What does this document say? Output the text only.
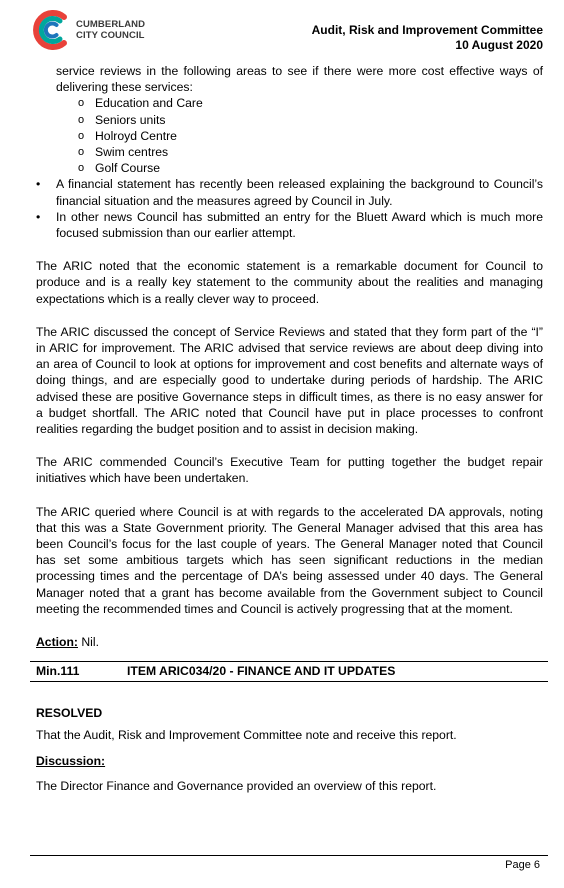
CUMBERLAND
CITY COUNCIL	Audit, Risk and Improvement Committee
10 August 2020
service reviews in the following areas to see if there were more cost effective ways of delivering these services:
o Education and Care
o Seniors units
o Holroyd Centre
o Swim centres
o Golf Course
• A financial statement has recently been released explaining the background to Council’s financial situation and the measures agreed by Council in July.
• In other news Council has submitted an entry for the Bluett Award which is much more focused submission than our earlier attempt.

The ARIC noted that the economic statement is a remarkable document for Council to produce and is a really key statement to the community about the realities and managing expectations which is a really clever way to proceed.

The ARIC discussed the concept of Service Reviews and stated that they form part of the “I” in ARIC for improvement. The ARIC advised that service reviews are about deep diving into an area of Council to look at options for improvement and cost benefits and alternate ways of doing things, and are especially good to undertake during periods of hardship. The ARIC advised these are positive Governance steps in difficult times, as there is no easy answer for a budget shortfall. The ARIC noted that Council have put in place processes to confront realities regarding the budget position and to assist in decision making.

The ARIC commended Council’s Executive Team for putting together the budget repair initiatives which have been undertaken.

The ARIC queried where Council is at with regards to the accelerated DA approvals, noting that this was a State Government priority. The General Manager advised that this area has been Council’s focus for the last couple of years. The General Manager noted that Council has set some ambitious targets which has seen significant reductions in the median processing times and the percentage of DA’s being assessed under 40 days. The General Manager noted that a grant has become available from the Government subject to Council meeting the recommended times and Council is actively progressing that at the moment.

Action: Nil.

Min.111	ITEM ARIC034/20 - FINANCE AND IT UPDATES
RESOLVED
That the Audit, Risk and Improvement Committee note and receive this report.
Discussion:
The Director Finance and Governance provided an overview of this report.
Page 6
